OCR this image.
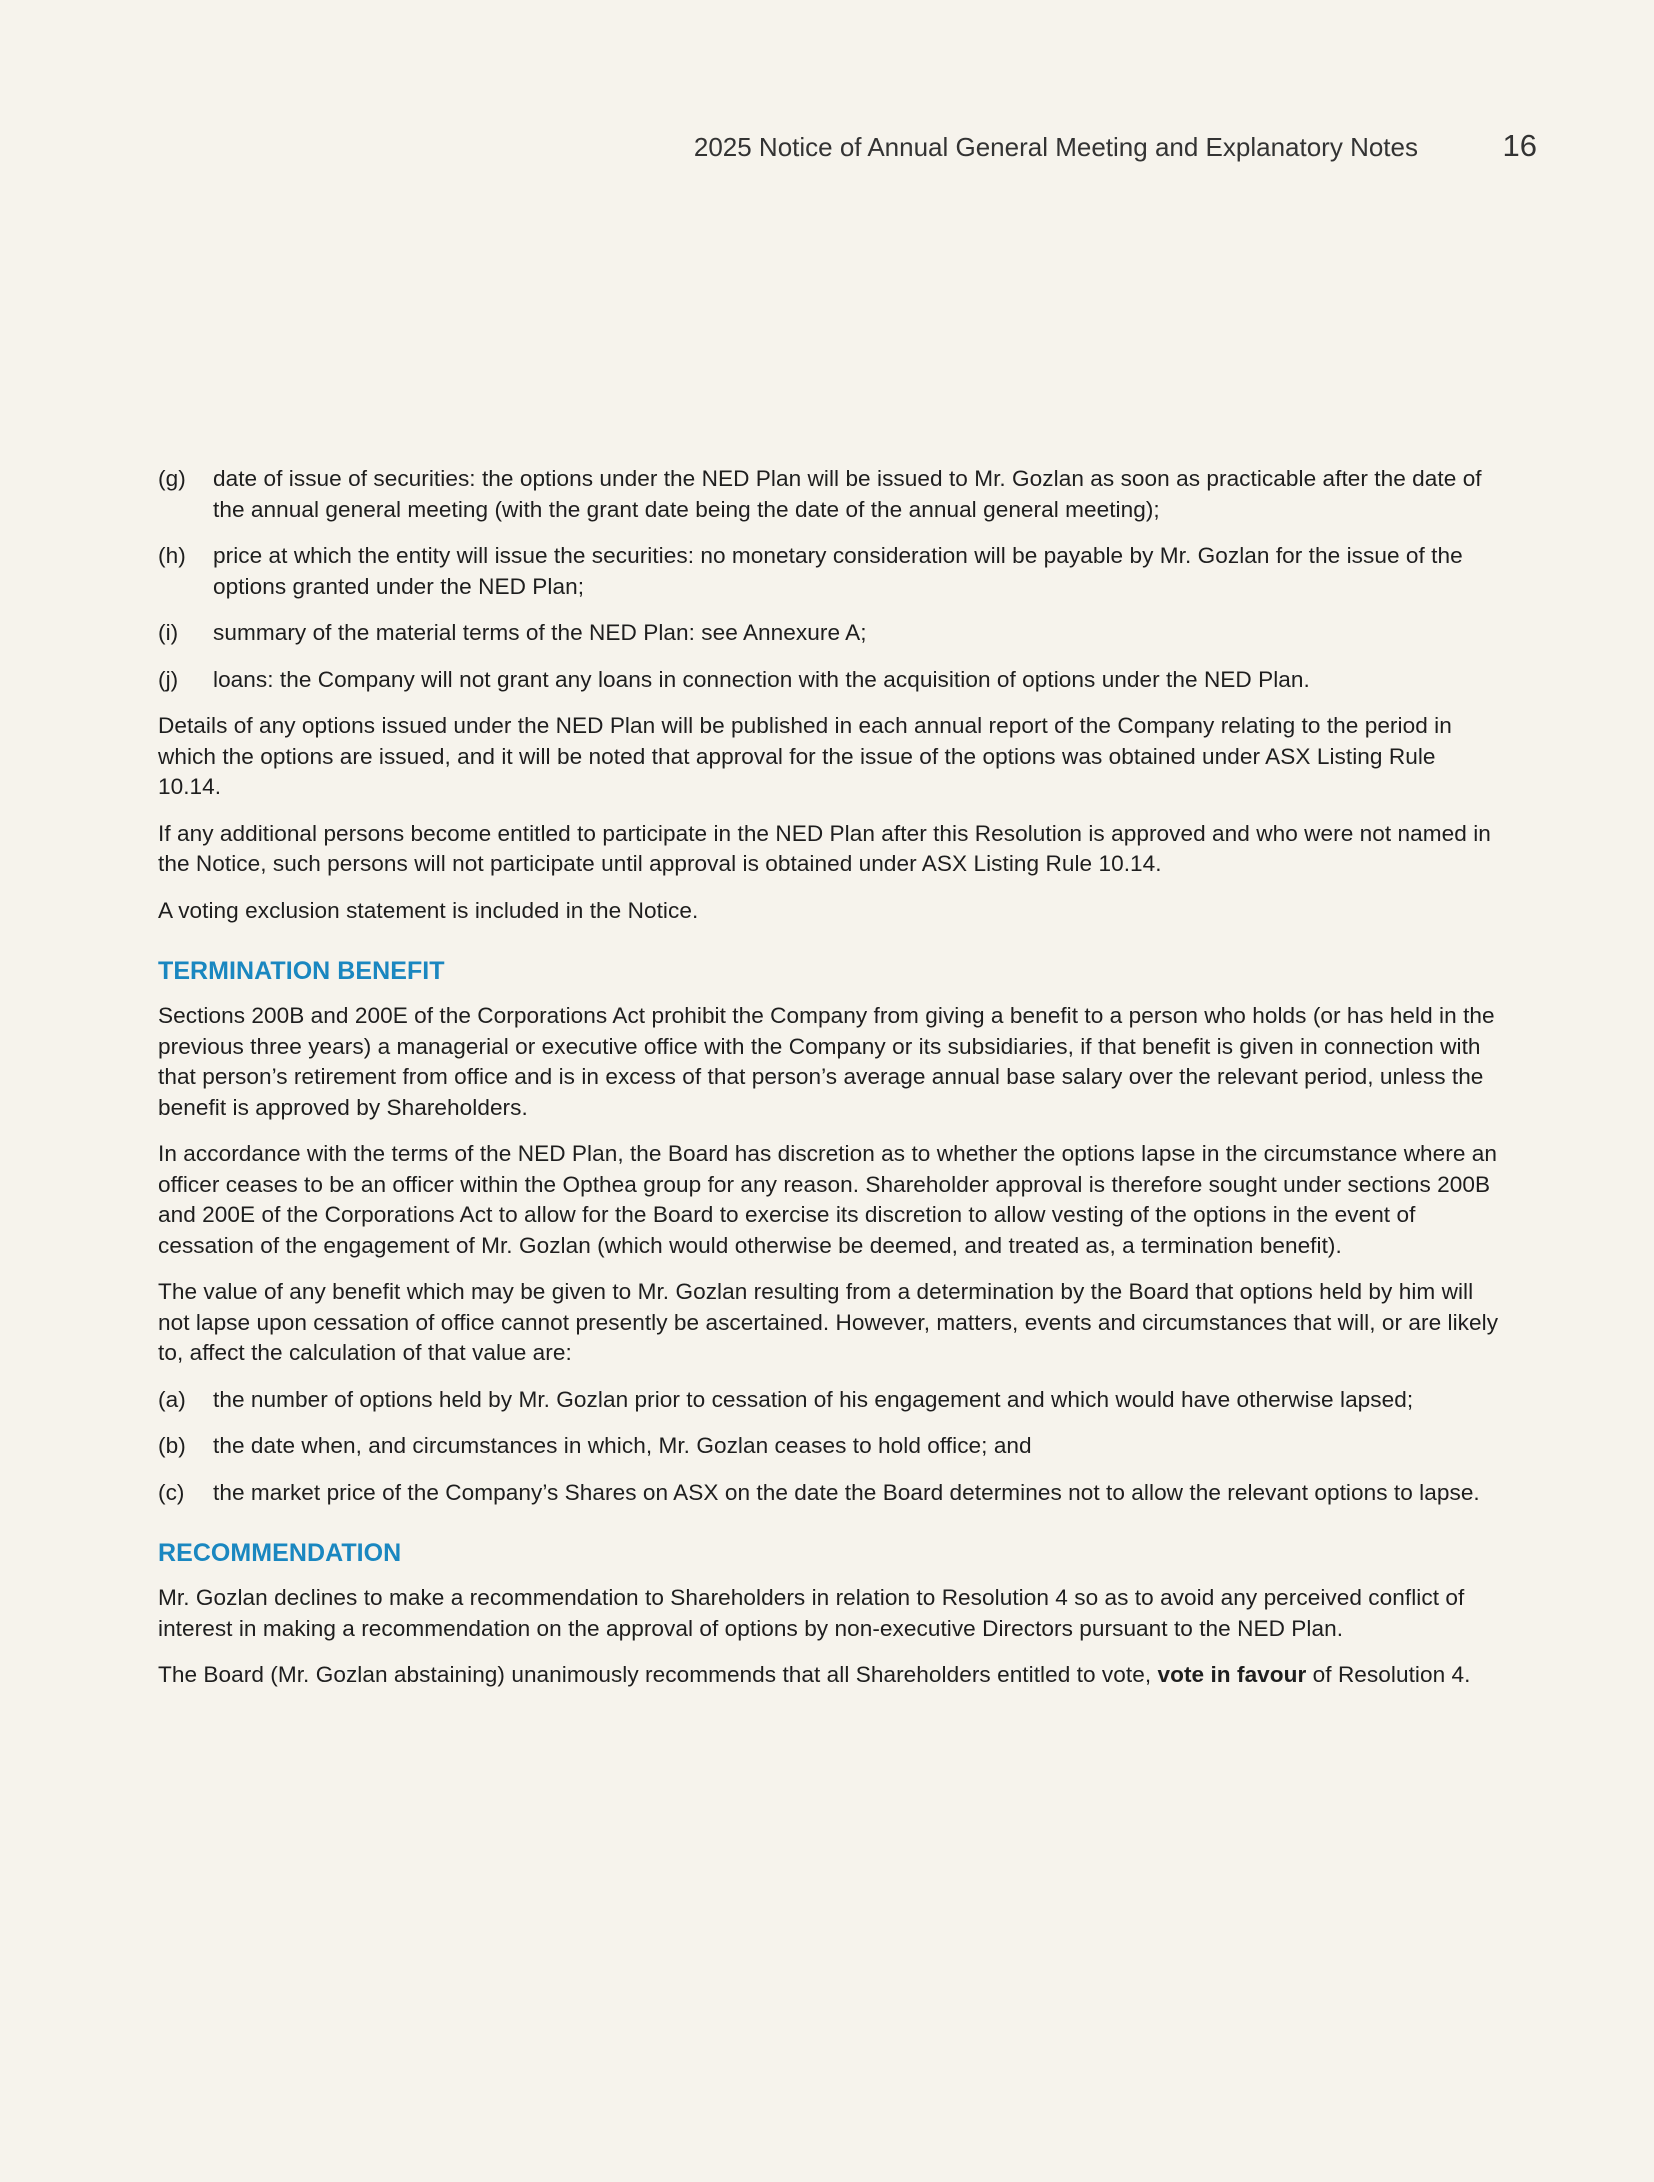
2025 Notice of Annual General Meeting and Explanatory Notes	16
(g) date of issue of securities: the options under the NED Plan will be issued to Mr. Gozlan as soon as practicable after the date of the annual general meeting (with the grant date being the date of the annual general meeting);
(h) price at which the entity will issue the securities: no monetary consideration will be payable by Mr. Gozlan for the issue of the options granted under the NED Plan;
(i) summary of the material terms of the NED Plan: see Annexure A;
(j) loans: the Company will not grant any loans in connection with the acquisition of options under the NED Plan.

Details of any options issued under the NED Plan will be published in each annual report of the Company relating to the period in which the options are issued, and it will be noted that approval for the issue of the options was obtained under ASX Listing Rule 10.14.

If any additional persons become entitled to participate in the NED Plan after this Resolution is approved and who were not named in the Notice, such persons will not participate until approval is obtained under ASX Listing Rule 10.14.

A voting exclusion statement is included in the Notice.

TERMINATION BENEFIT

Sections 200B and 200E of the Corporations Act prohibit the Company from giving a benefit to a person who holds (or has held in the previous three years) a managerial or executive office with the Company or its subsidiaries, if that benefit is given in connection with that person’s retirement from office and is in excess of that person’s average annual base salary over the relevant period, unless the benefit is approved by Shareholders.

In accordance with the terms of the NED Plan, the Board has discretion as to whether the options lapse in the circumstance where an officer ceases to be an officer within the Opthea group for any reason. Shareholder approval is therefore sought under sections 200B and 200E of the Corporations Act to allow for the Board to exercise its discretion to allow vesting of the options in the event of cessation of the engagement of Mr. Gozlan (which would otherwise be deemed, and treated as, a termination benefit).

The value of any benefit which may be given to Mr. Gozlan resulting from a determination by the Board that options held by him will not lapse upon cessation of office cannot presently be ascertained. However, matters, events and circumstances that will, or are likely to, affect the calculation of that value are:

(a) the number of options held by Mr. Gozlan prior to cessation of his engagement and which would have otherwise lapsed;
(b) the date when, and circumstances in which, Mr. Gozlan ceases to hold office; and
(c) the market price of the Company’s Shares on ASX on the date the Board determines not to allow the relevant options to lapse.
RECOMMENDATION

Mr. Gozlan declines to make a recommendation to Shareholders in relation to Resolution 4 so as to avoid any perceived conflict of interest in making a recommendation on the approval of options by non-executive Directors pursuant to the NED Plan.

The Board (Mr. Gozlan abstaining) unanimously recommends that all Shareholders entitled to vote, vote in favour of Resolution 4.
